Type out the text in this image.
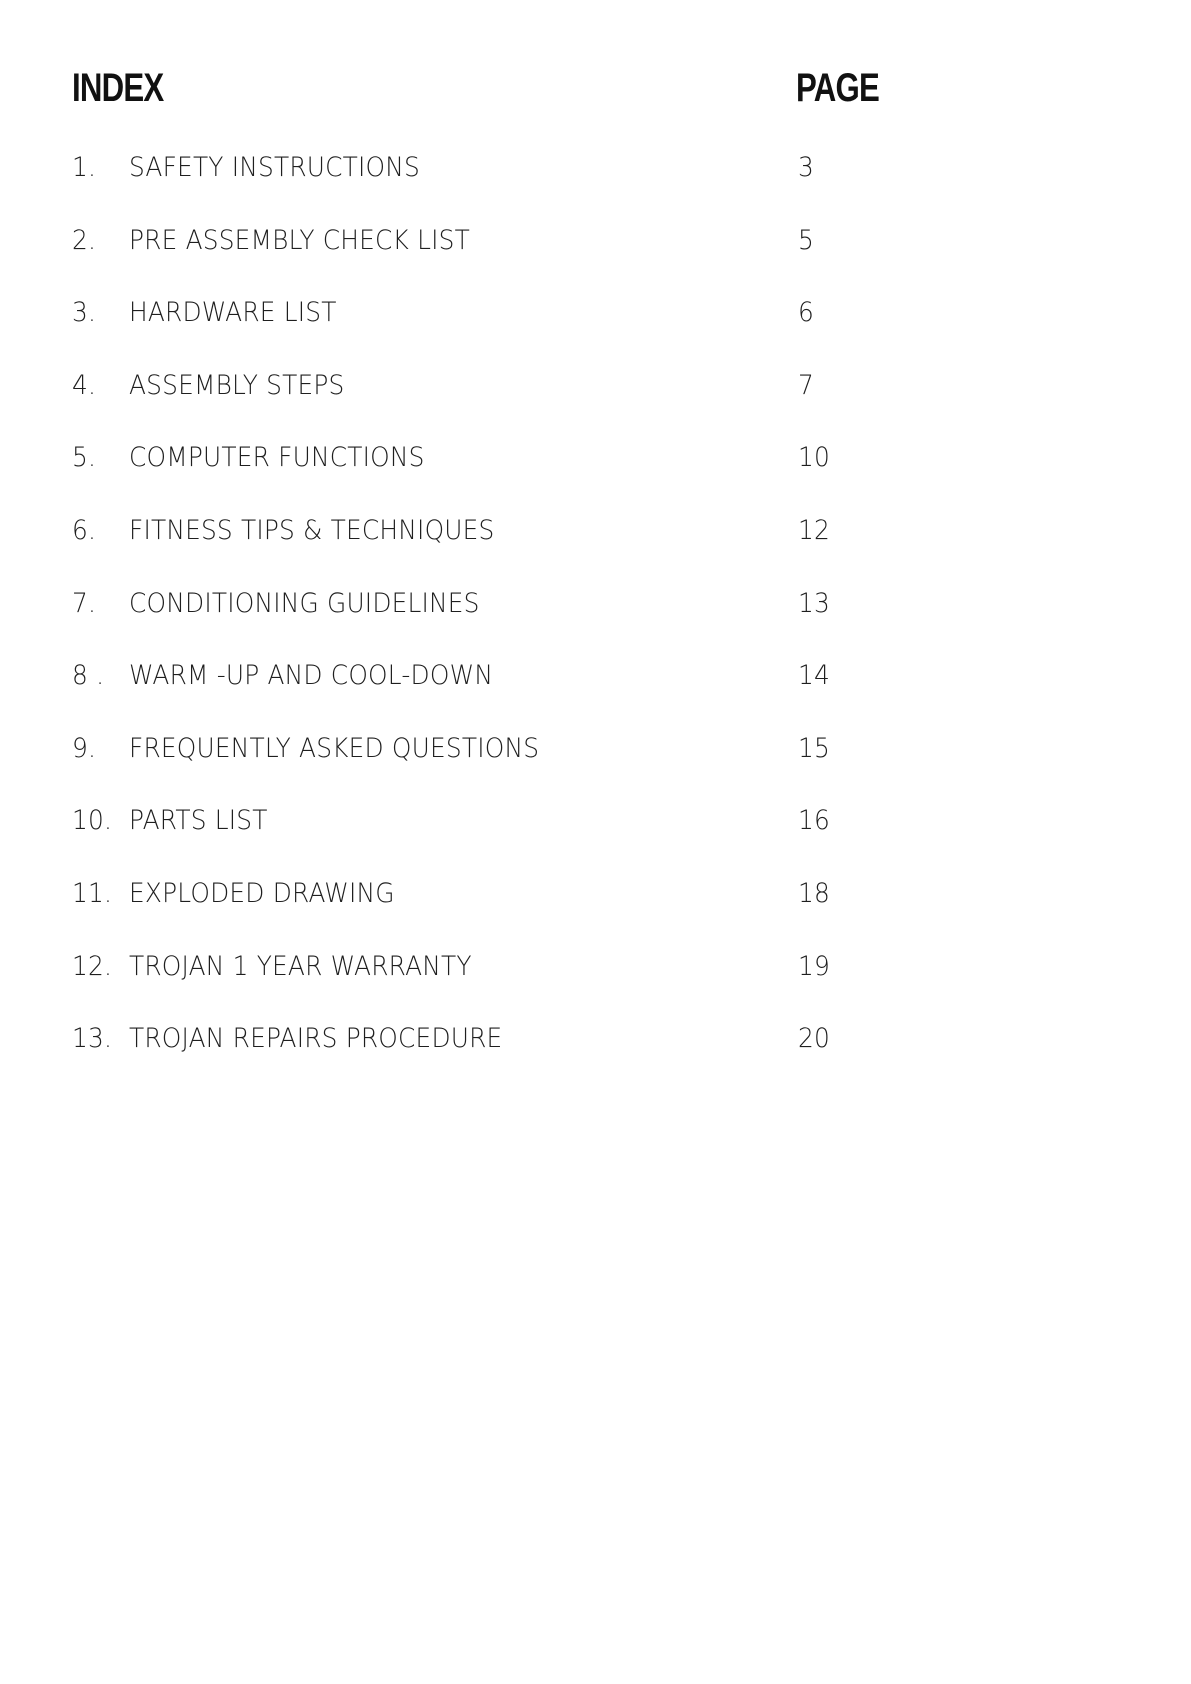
INDEX	PAGE
1. SAFETY INSTRUCTIONS	3
2. PRE ASSEMBLY CHECK LIST	5
3. HARDWARE LIST	6
4. ASSEMBLY STEPS	7
5. COMPUTER FUNCTIONS	10
6. FITNESS TIPS & TECHNIQUES	12
7. CONDITIONING GUIDELINES	13
8 . WARM -UP AND COOL-DOWN	14
9. FREQUENTLY ASKED QUESTIONS	15
10. PARTS LIST	16
11. EXPLODED DRAWING	18
12. TROJAN 1 YEAR WARRANTY	19
13. TROJAN REPAIRS PROCEDURE	20
